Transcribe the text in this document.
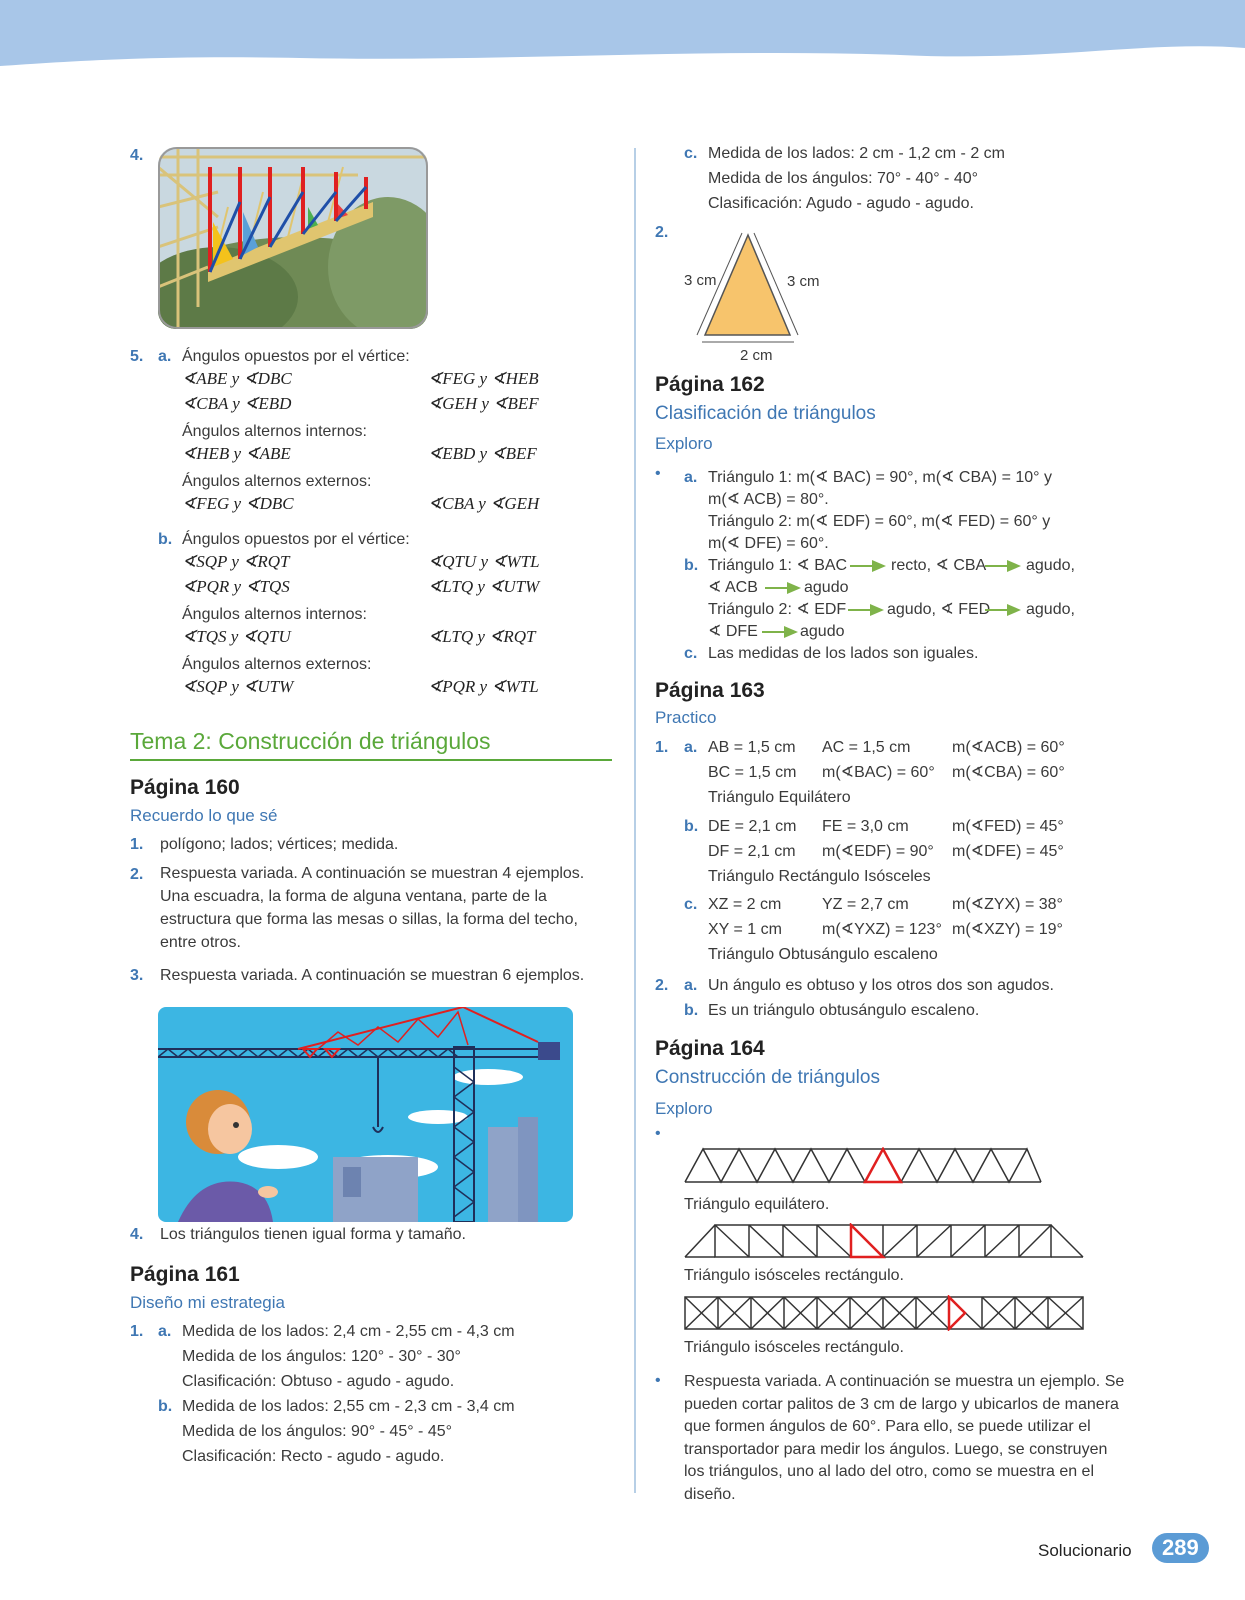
4.
5. a. Ángulos opuestos por el vértice:
∢ABE y ∢DBC	∢FEG y ∢HEB
∢CBA y ∢EBD	∢GEH y ∢BEF
Ángulos alternos internos:
∢HEB y ∢ABE	∢EBD y ∢BEF
Ángulos alternos externos:
∢FEG y ∢DBC	∢CBA y ∢GEH
b. Ángulos opuestos por el vértice:
∢SQP y ∢RQT	∢QTU y ∢WTL
∢PQR y ∢TQS	∢LTQ y ∢UTW
Ángulos alternos internos:
∢TQS y ∢QTU	∢LTQ y ∢RQT
Ángulos alternos externos:
∢SQP y ∢UTW	∢PQR y ∢WTL
Tema 2: Construcción de triángulos
Página 160
Recuerdo lo que sé
1. polígono; lados; vértices; medida.
2. Respuesta variada. A continuación se muestran 4 ejemplos. Una escuadra, la forma de alguna ventana, parte de la estructura que forma las mesas o sillas, la forma del techo, entre otros.
3. Respuesta variada. A continuación se muestran 6 ejemplos.
4. Los triángulos tienen igual forma y tamaño.
Página 161
Diseño mi estrategia
1. a. Medida de los lados: 2,4 cm - 2,55 cm - 4,3 cm
Medida de los ángulos: 120° - 30° - 30°
Clasificación: Obtuso - agudo - agudo.
b. Medida de los lados: 2,55 cm - 2,3 cm - 3,4 cm
Medida de los ángulos: 90° - 45° - 45°
Clasificación: Recto - agudo - agudo.
c. Medida de los lados: 2 cm - 1,2 cm - 2 cm
Medida de los ángulos: 70° - 40° - 40°
Clasificación: Agudo - agudo - agudo.
2.
3 cm	3 cm
2 cm
Página 162
Clasificación de triángulos
Exploro
• a. Triángulo 1: m(∢ BAC) = 90°, m(∢ CBA) = 10° y
m(∢ ACB) = 80°.
Triángulo 2: m(∢ EDF) = 60°, m(∢ FED) = 60° y
m(∢ DFE) = 60°.
b. Triángulo 1: ∢ BAC	recto, ∢ CBA agudo,
∢ ACB	agudo
Triángulo 2: ∢ EDF	agudo, ∢ FED agudo,
∢ DFE	agudo
c. Las medidas de los lados son iguales.
Página 163
Practico
1. a. AB = 1,5 cm AC = 1,5 cm	m(∢ACB) = 60°
BC = 1,5 cm m(∢BAC) = 60° m(∢CBA) = 60°
Triángulo Equilátero
b. DE = 2,1 cm FE = 3,0 cm	m(∢FED) = 45°
DF = 2,1 cm m(∢EDF) = 90° m(∢DFE) = 45°
Triángulo Rectángulo Isósceles
c. XZ = 2 cm	YZ = 2,7 cm	m(∢ZYX) = 38°
XY = 1 cm	m(∢YXZ) = 123° m(∢XZY) = 19°
Triángulo Obtusángulo escaleno
2. a. Un ángulo es obtuso y los otros dos son agudos.
b. Es un triángulo obtusángulo escaleno.
Página 164
Construcción de triángulos
Exploro
•
Triángulo equilátero.
Triángulo isósceles rectángulo.
Triángulo isósceles rectángulo.
• Respuesta variada. A continuación se muestra un ejemplo. Se pueden cortar palitos de 3 cm de largo y ubicarlos de manera que formen ángulos de 60°. Para ello, se puede utilizar el transportador para medir los ángulos. Luego, se construyen los triángulos, uno al lado del otro, como se muestra en el diseño.
Solucionario	289
